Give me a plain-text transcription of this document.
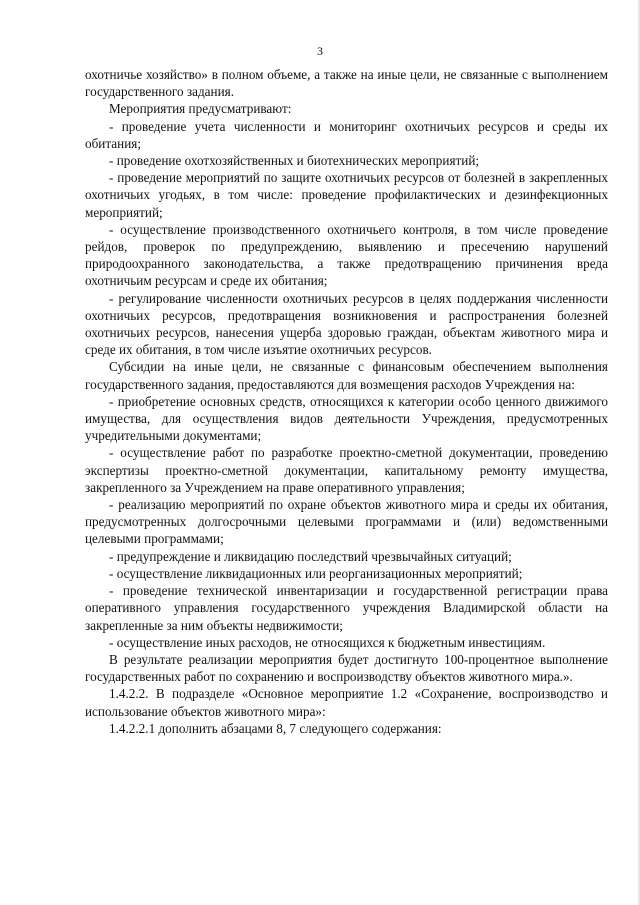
3

охотничье хозяйство» в полном объеме, а также на иные цели, не связанные с выполнением государственного задания.

Мероприятия предусматривают:

- проведение учета численности и мониторинг охотничьих ресурсов и среды их обитания;

- проведение охотхозяйственных и биотехнических мероприятий;

- проведение мероприятий по защите охотничьих ресурсов от болезней в закрепленных охотничьих угодьях, в том числе: проведение профилактических и дезинфекционных мероприятий;

- осуществление производственного охотничьего контроля, в том числе проведение рейдов, проверок по предупреждению, выявлению и пресечению нарушений природоохранного законодательства, а также предотвращению причинения вреда охотничьим ресурсам и среде их обитания;

- регулирование численности охотничьих ресурсов в целях поддержания численности охотничьих ресурсов, предотвращения возникновения и распространения болезней охотничьих ресурсов, нанесения ущерба здоровью граждан, объектам животного мира и среде их обитания, в том числе изъятие охотничьих ресурсов.

Субсидии на иные цели, не связанные с финансовым обеспечением выполнения государственного задания, предоставляются для возмещения расходов Учреждения на:

- приобретение основных средств, относящихся к категории особо ценного движимого имущества, для осуществления видов деятельности Учреждения, предусмотренных учредительными документами;

- осуществление работ по разработке проектно-сметной документации, проведению экспертизы проектно-сметной документации, капитальному ремонту имущества, закрепленного за Учреждением на праве оперативного управления;

- реализацию мероприятий по охране объектов животного мира и среды их обитания, предусмотренных долгосрочными целевыми программами и (или) ведомственными целевыми программами;

- предупреждение и ликвидацию последствий чрезвычайных ситуаций;

- осуществление ликвидационных или реорганизационных мероприятий;

- проведение технической инвентаризации и государственной регистрации права оперативного управления государственного учреждения Владимирской области на закрепленные за ним объекты недвижимости;

- осуществление иных расходов, не относящихся к бюджетным инвестициям.

В результате реализации мероприятия будет достигнуто 100-процентное выполнение государственных работ по сохранению и воспроизводству объектов животного мира.».

1.4.2.2. В подразделе «Основное мероприятие 1.2 «Сохранение, воспроизводство и использование объектов животного мира»:

1.4.2.2.1 дополнить абзацами 8, 7 следующего содержания:
